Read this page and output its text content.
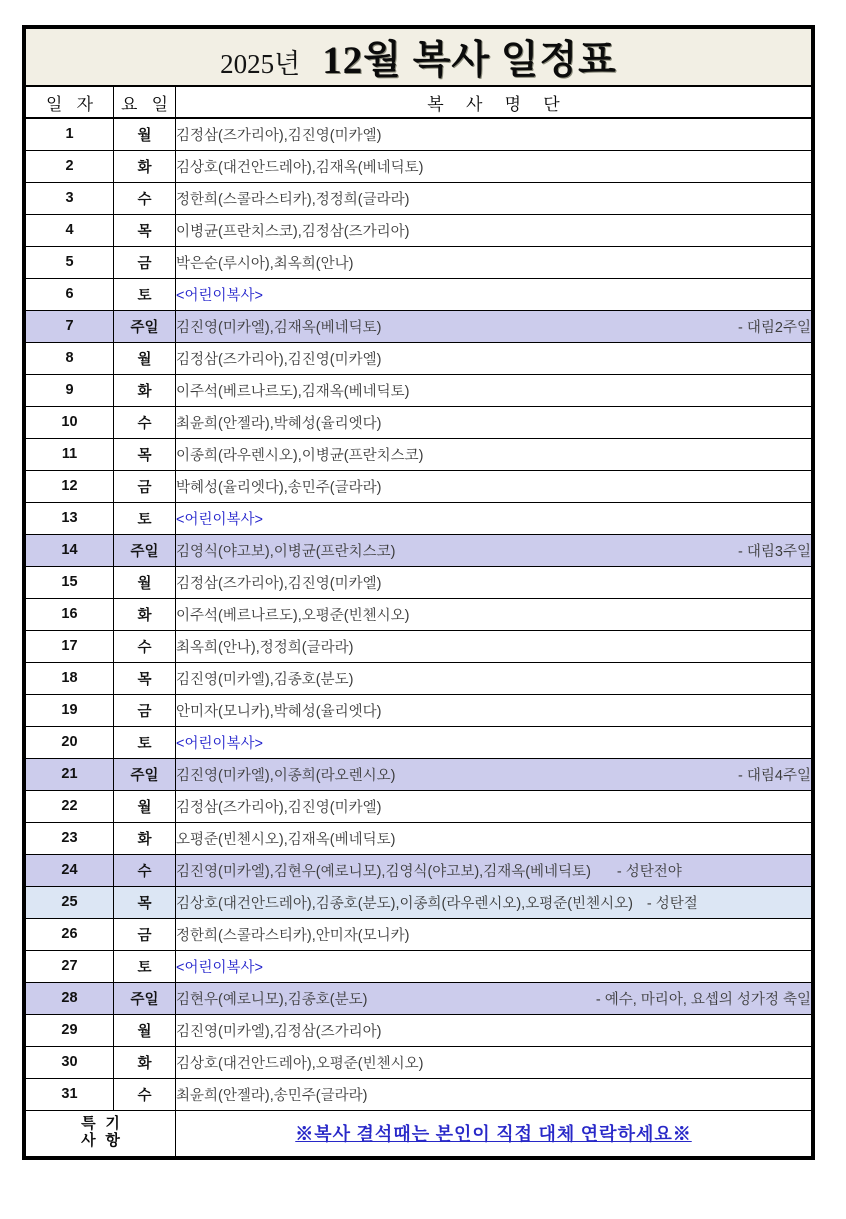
2025년 12월 복사 일정표		

일 자	요 일	복 사 명 단
1	월	김정삼(즈가리아),김진영(미카엘)

2	화	김상호(대건안드레아),김재옥(베네딕토)

3	수	정한희(스콜라스티카),정정희(글라라)

4	목	이병균(프란치스코),김정삼(즈가리아)

5	금	박은순(루시아),최옥희(안나)

6	토	<어린이복사>

7	주일	김진영(미카엘),김재옥(베네딕토) - 대림2주일

8	월	김정삼(즈가리아),김진영(미카엘)

9	화	이주석(베르나르도),김재옥(베네딕토)

10	수	최윤희(안젤라),박혜성(율리엣다)

11	목	이종희(라우렌시오),이병균(프란치스코)

12	금	박혜성(율리엣다),송민주(글라라)

13	토	<어린이복사>

14	주일	김영식(야고보),이병균(프란치스코) - 대림3주일

15	월	김정삼(즈가리아),김진영(미카엘)

16	화	이주석(베르나르도),오평준(빈첸시오)

17	수	최옥희(안나),정정희(글라라)

18	목	김진영(미카엘),김종호(분도)

19	금	안미자(모니카),박혜성(율리엣다)

20	토	<어린이복사>

21	주일	김진영(미카엘),이종희(라오렌시오) - 대림4주일

22	월	김정삼(즈가리아),김진영(미카엘)

23	화	오평준(빈첸시오),김재옥(베네딕토)

24	수	김진영(미카엘),김현우(예로니모),김영식(야고보),김재옥(베네딕토) - 성탄전야

25	목	김상호(대건안드레아),김종호(분도),이종희(라우렌시오),오평준(빈첸시오) - 성탄절

26	금	정한희(스콜라스티카),안미자(모니카)

27	토	<어린이복사>

28	주일	김현우(예로니모),김종호(분도) - 예수, 마리아, 요셉의 성가정 축일

29	월	김진영(미카엘),김정삼(즈가리아)

30	화	김상호(대건안드레아),오평준(빈첸시오)

31	수	최윤희(안젤라),송민주(글라라)

특 기
사 항		※복사 결석때는 본인이 직접 대체 연락하세요※
